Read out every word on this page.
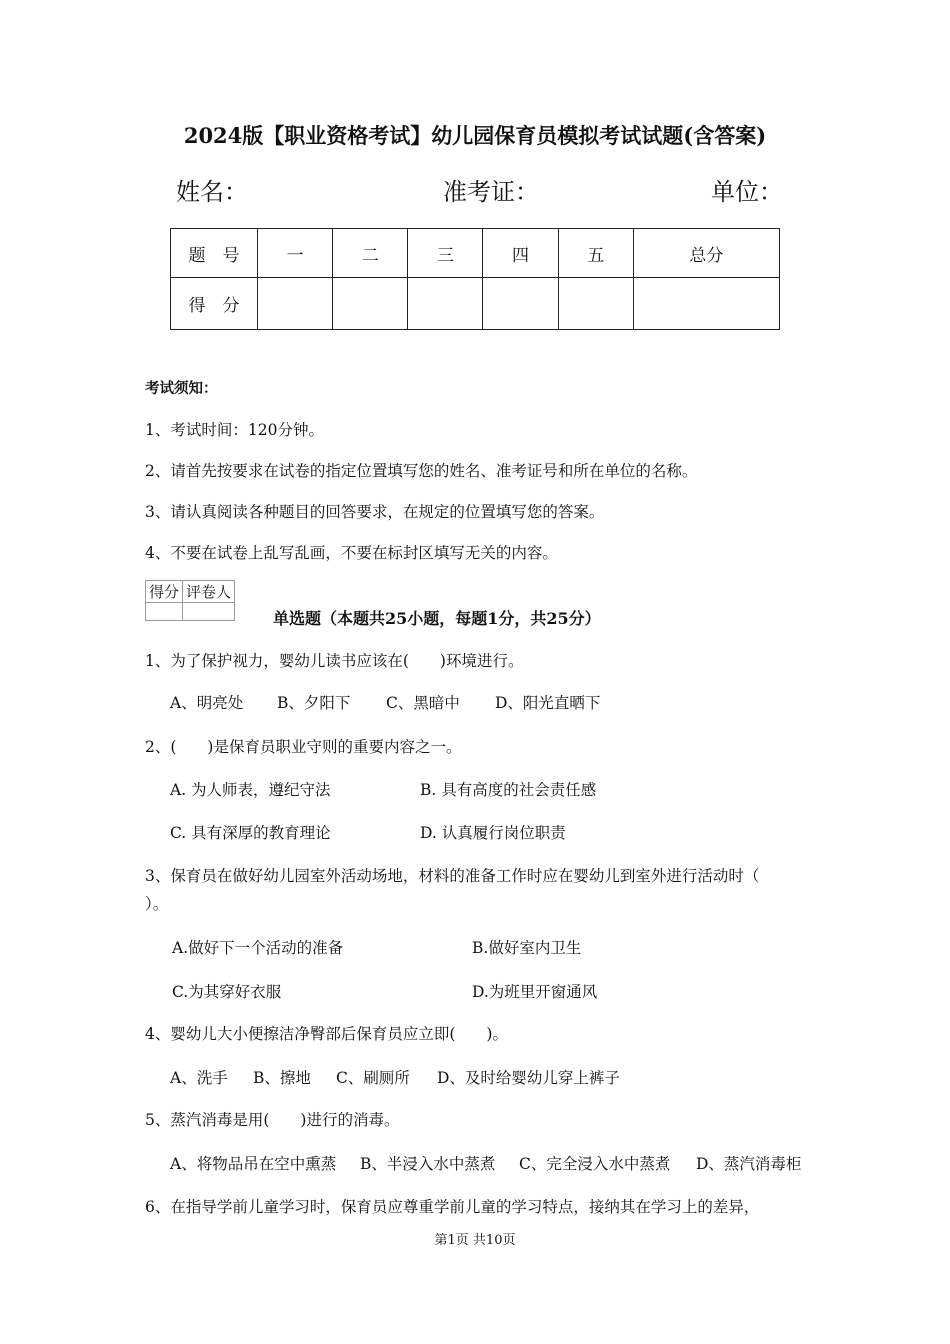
2024版【职业资格考试】幼儿园保育员模拟考试试题(含答案)
姓名：	准考证：	单位：
题　号	一	二	三	四	五	总分
得　分						
考试须知：
1、考试时间：120分钟。
2、请首先按要求在试卷的指定位置填写您的姓名、准考证号和所在单位的名称。
3、请认真阅读各种题目的回答要求，在规定的位置填写您的答案。
4、不要在试卷上乱写乱画，不要在标封区填写无关的内容。
得分	评卷人

单选题（本题共25小题，每题1分，共25分）
1、为了保护视力，婴幼儿读书应该在(　　)环境进行。
A、明亮处 B、夕阳下 C、黑暗中 D、阳光直晒下
2、(　　)是保育员职业守则的重要内容之一。
A. 为人师表，遵纪守法	B. 具有高度的社会责任感
C. 具有深厚的教育理论	D. 认真履行岗位职责
3、保育员在做好幼儿园室外活动场地，材料的准备工作时应在婴幼儿到室外进行活动时（
）。
A.做好下一个活动的准备	B.做好室内卫生
C.为其穿好衣服	D.为班里开窗通风
4、婴幼儿大小便擦洁净臀部后保育员应立即(　　)。
A、洗手 B、擦地 C、刷厕所 D、及时给婴幼儿穿上裤子
5、蒸汽消毒是用(　　)进行的消毒。
A、将物品吊在空中熏蒸 B、半浸入水中蒸煮 C、完全浸入水中蒸煮 D、蒸汽消毒柜
6、在指导学前儿童学习时，保育员应尊重学前儿童的学习特点，接纳其在学习上的差异，
第1页 共10页
